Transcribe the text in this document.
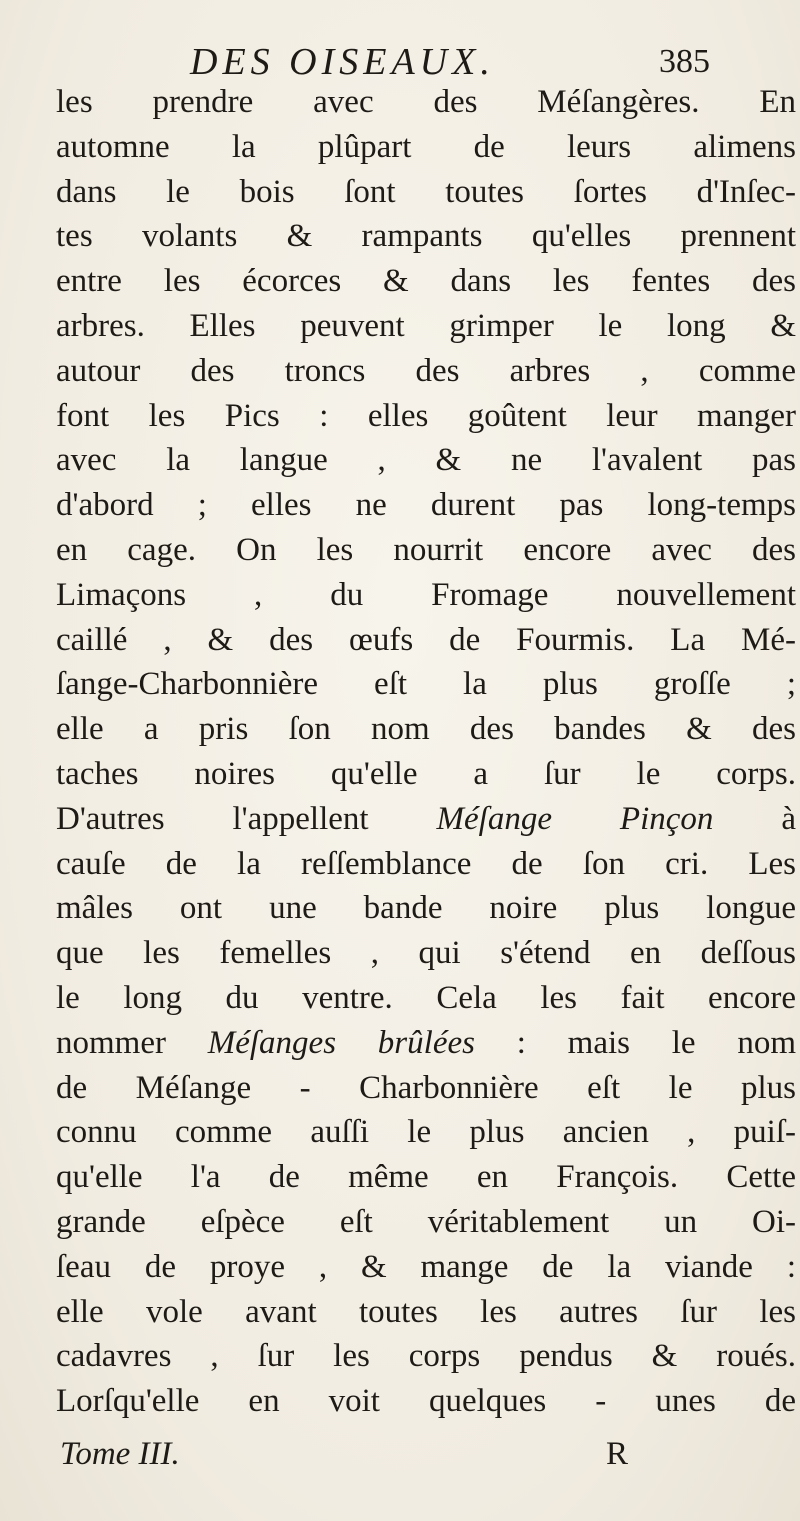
DES OISEAUX.	385
les prendre avec des Méſangères. En
automne la plûpart de leurs alimens
dans le bois ſont toutes ſortes d'Inſec-
tes volants & rampants qu'elles prennent
entre les écorces & dans les fentes des
arbres. Elles peuvent grimper le long &
autour des troncs des arbres , comme
font les Pics : elles goûtent leur manger
avec la langue , & ne l'avalent pas
d'abord ; elles ne durent pas long-temps
en cage. On les nourrit encore avec des
Limaçons , du Fromage nouvellement
caillé , & des œufs de Fourmis. La Mé-
ſange-Charbonnière eſt la plus groſſe ;
elle a pris ſon nom des bandes & des
taches noires qu'elle a ſur le corps.
D'autres l'appellent Méſange Pinçon à
cauſe de la reſſemblance de ſon cri. Les
mâles ont une bande noire plus longue
que les femelles , qui s'étend en deſſous
le long du ventre. Cela les fait encore
nommer Méſanges brûlées : mais le nom
de Méſange - Charbonnière eſt le plus
connu comme auſſi le plus ancien , puiſ-
qu'elle l'a de même en François. Cette
grande eſpèce eſt véritablement un Oi-
ſeau de proye , & mange de la viande :
elle vole avant toutes les autres ſur les
cadavres , ſur les corps pendus & roués.
Lorſqu'elle en voit quelques - unes de
Tome III.	R
